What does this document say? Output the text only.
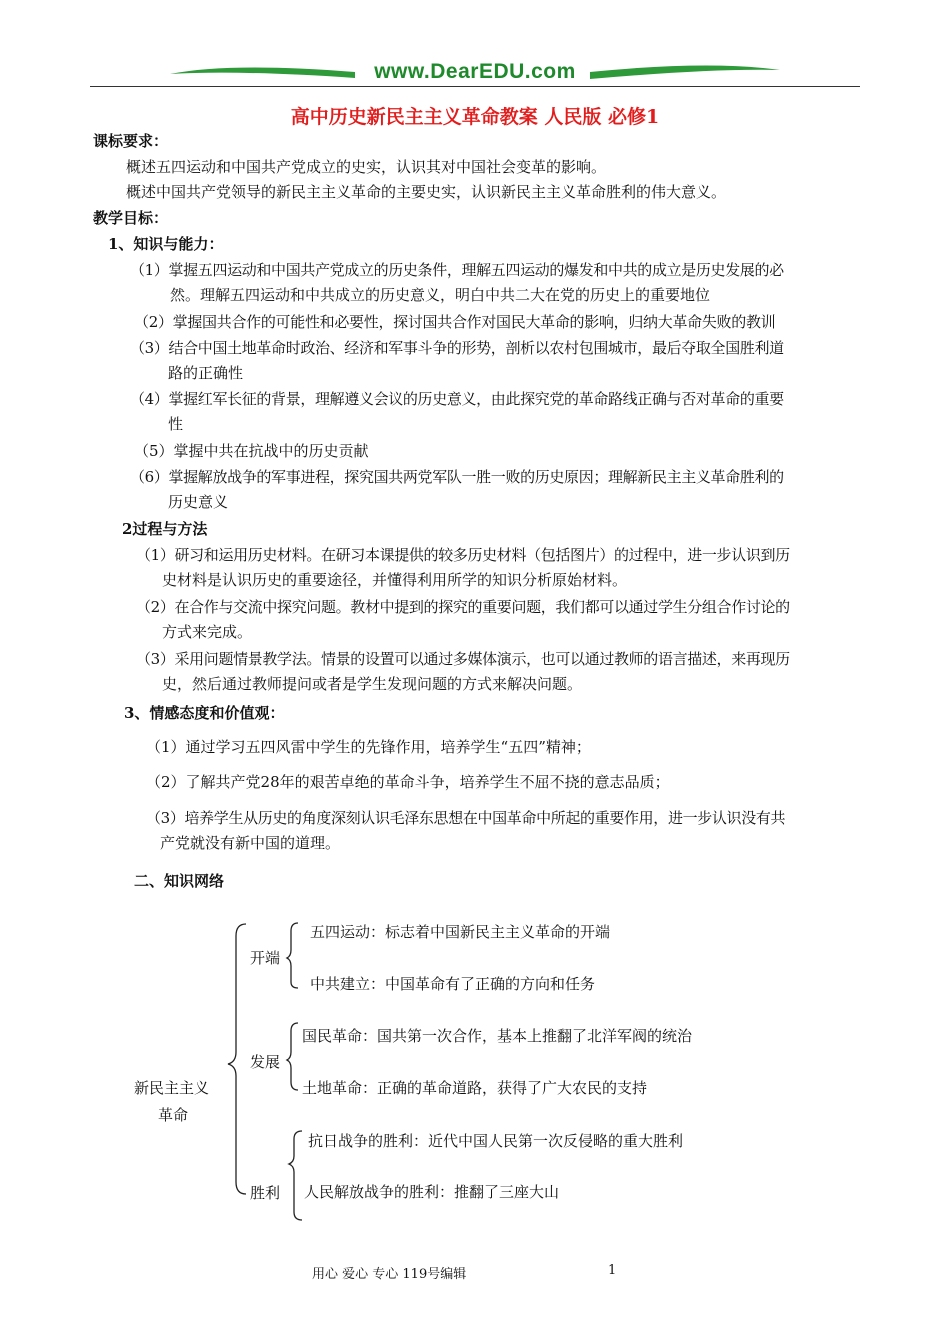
www.DearEDU.com
高中历史新民主主义革命教案 人民版 必修1
课标要求：
概述五四运动和中国共产党成立的史实，认识其对中国社会变革的影响。
概述中国共产党领导的新民主主义革命的主要史实，认识新民主主义革命胜利的伟大意义。
教学目标：
1、知识与能力：
（1）掌握五四运动和中国共产党成立的历史条件，理解五四运动的爆发和中共的成立是历史发展的必
然。理解五四运动和中共成立的历史意义，明白中共二大在党的历史上的重要地位
（2）掌握国共合作的可能性和必要性，探讨国共合作对国民大革命的影响，归纳大革命失败的教训
（3）结合中国土地革命时政治、经济和军事斗争的形势，剖析以农村包围城市，最后夺取全国胜利道
路的正确性
（4）掌握红军长征的背景，理解遵义会议的历史意义，由此探究党的革命路线正确与否对革命的重要
性
（5）掌握中共在抗战中的历史贡献
（6）掌握解放战争的军事进程，探究国共两党军队一胜一败的历史原因；理解新民主主义革命胜利的
历史意义
2过程与方法
（1）研习和运用历史材料。在研习本课提供的较多历史材料（包括图片）的过程中，进一步认识到历
史材料是认识历史的重要途径，并懂得利用所学的知识分析原始材料。
（2）在合作与交流中探究问题。教材中提到的探究的重要问题，我们都可以通过学生分组合作讨论的
方式来完成。
（3）采用问题情景教学法。情景的设置可以通过多媒体演示，也可以通过教师的语言描述，来再现历
史，然后通过教师提问或者是学生发现问题的方式来解决问题。
3、情感态度和价值观：
（1）通过学习五四风雷中学生的先锋作用，培养学生“五四”精神；
（2）了解共产党28年的艰苦卓绝的革命斗争，培养学生不屈不挠的意志品质；
（3）培养学生从历史的角度深刻认识毛泽东思想在中国革命中所起的重要作用，进一步认识没有共
产党就没有新中国的道理。
二、知识网络
新民主主义
革命
开端
五四运动：标志着中国新民主主义革命的开端
中共建立：中国革命有了正确的方向和任务
发展
国民革命：国共第一次合作，基本上推翻了北洋军阀的统治
土地革命：正确的革命道路，获得了广大农民的支持
胜利
抗日战争的胜利：近代中国人民第一次反侵略的重大胜利
人民解放战争的胜利：推翻了三座大山
用心 爱心 专心 119号编辑	1
